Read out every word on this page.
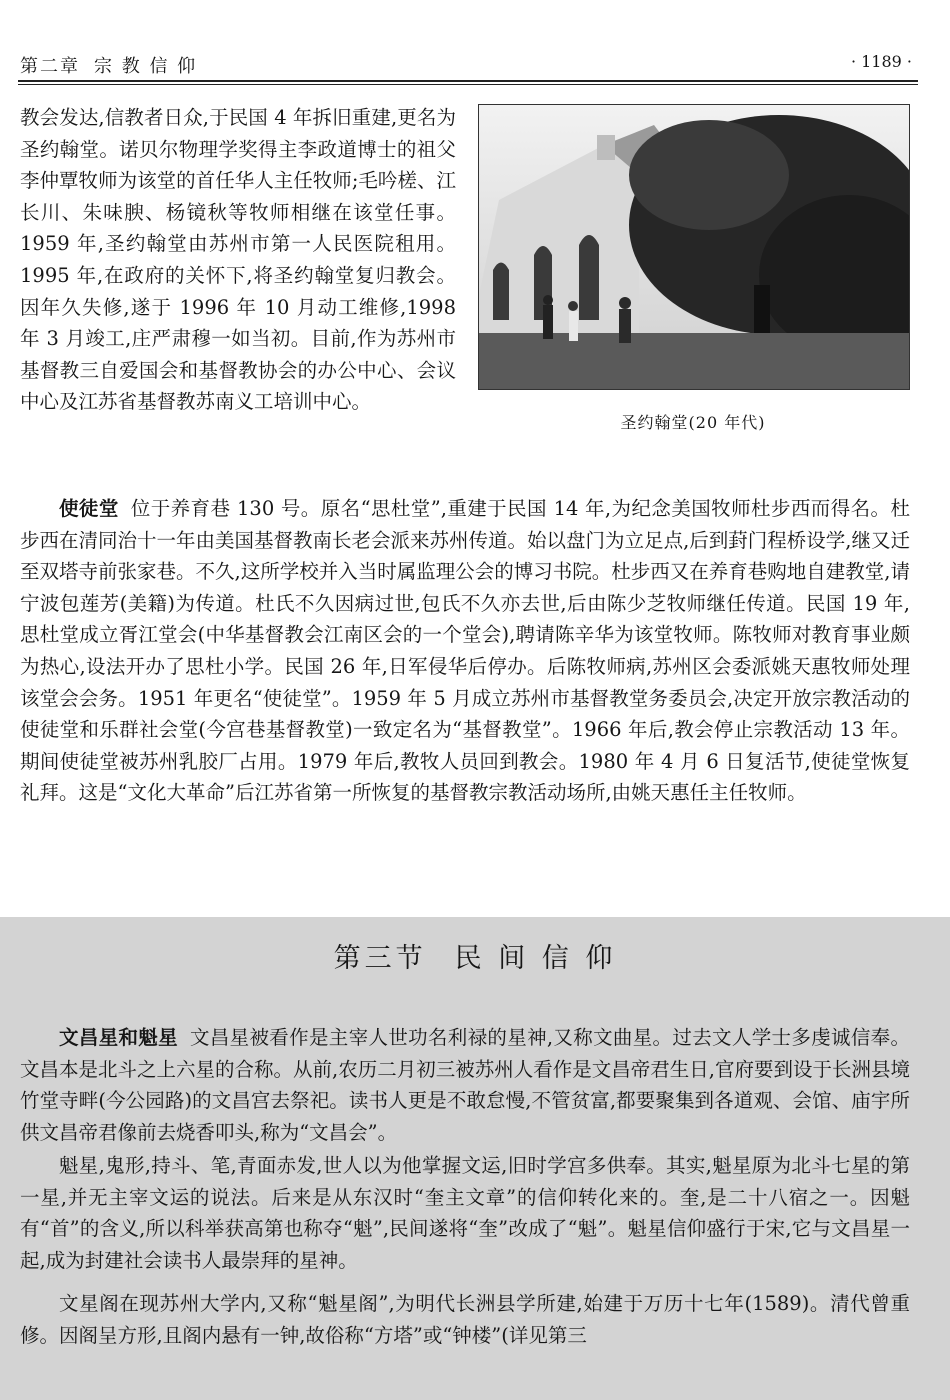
第二章 宗 教 信 仰	· 1189 ·

教会发达,信教者日众,于民国 4 年拆旧重建,更名为圣约翰堂。诺贝尔物理学奖得主李政道博士的祖父李仲覃牧师为该堂的首任华人主任牧师;毛吟槎、江长川、朱味腴、杨镜秋等牧师相继在该堂任事。1959 年,圣约翰堂由苏州市第一人民医院租用。1995 年,在政府的关怀下,将圣约翰堂复归教会。因年久失修,遂于 1996 年 10 月动工维修,1998 年 3 月竣工,庄严肃穆一如当初。目前,作为苏州市基督教三自爱国会和基督教协会的办公中心、会议中心及江苏省基督教苏南义工培训中心。

圣约翰堂(20 年代)

使徒堂 位于养育巷 130 号。原名“思杜堂”,重建于民国 14 年,为纪念美国牧师杜步西而得名。杜步西在清同治十一年由美国基督教南长老会派来苏州传道。始以盘门为立足点,后到葑门程桥设学,继又迁至双塔寺前张家巷。不久,这所学校并入当时属监理公会的博习书院。杜步西又在养育巷购地自建教堂,请宁波包莲芳(美籍)为传道。杜氏不久因病过世,包氏不久亦去世,后由陈少芝牧师继任传道。民国 19 年,思杜堂成立胥江堂会(中华基督教会江南区会的一个堂会),聘请陈辛华为该堂牧师。陈牧师对教育事业颇为热心,设法开办了思杜小学。民国 26 年,日军侵华后停办。后陈牧师病,苏州区会委派姚天惠牧师处理该堂会会务。1951 年更名“使徒堂”。1959 年 5 月成立苏州市基督教堂务委员会,决定开放宗教活动的使徒堂和乐群社会堂(今宫巷基督教堂)一致定名为“基督教堂”。1966 年后,教会停止宗教活动 13 年。期间使徒堂被苏州乳胶厂占用。1979 年后,教牧人员回到教会。1980 年 4 月 6 日复活节,使徒堂恢复礼拜。这是“文化大革命”后江苏省第一所恢复的基督教宗教活动场所,由姚天惠任主任牧师。

第三节 民 间 信 仰

文昌星和魁星 文昌星被看作是主宰人世功名利禄的星神,又称文曲星。过去文人学士多虔诚信奉。文昌本是北斗之上六星的合称。从前,农历二月初三被苏州人看作是文昌帝君生日,官府要到设于长洲县境竹堂寺畔(今公园路)的文昌宫去祭祀。读书人更是不敢怠慢,不管贫富,都要聚集到各道观、会馆、庙宇所供文昌帝君像前去烧香叩头,称为“文昌会”。

魁星,鬼形,持斗、笔,青面赤发,世人以为他掌握文运,旧时学宫多供奉。其实,魁星原为北斗七星的第一星,并无主宰文运的说法。后来是从东汉时“奎主文章”的信仰转化来的。奎,是二十八宿之一。因魁有“首”的含义,所以科举获高第也称夺“魁”,民间遂将“奎”改成了“魁”。魁星信仰盛行于宋,它与文昌星一起,成为封建社会读书人最崇拜的星神。

文星阁在现苏州大学内,又称“魁星阁”,为明代长洲县学所建,始建于万历十七年(1589)。清代曾重修。因阁呈方形,且阁内悬有一钟,故俗称“方塔”或“钟楼”(详见第三
